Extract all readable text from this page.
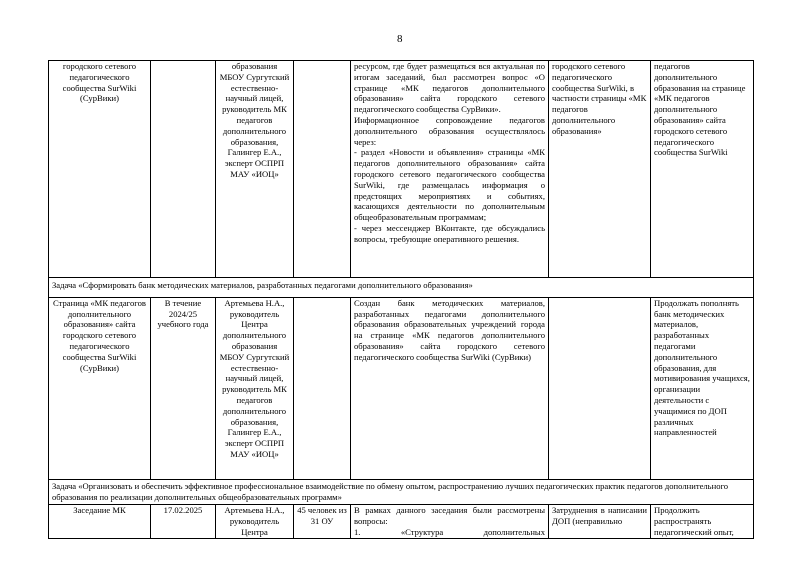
8
городского сетевого педагогического сообщества SurWiki (СурВики)		образования МБОУ Сургутский естественно-научный лицей, руководитель МК педагогов дополнительного образования, Галингер Е.А., эксперт ОСПРП МАУ «ИОЦ»		ресурсом, где будет размещаться вся актуальная по итогам заседаний, был рассмотрен вопрос «О странице «МК педагогов дополнительного образования» сайта городского сетевого педагогического сообщества СурВики».
Информационное сопровождение педагогов дополнительного образования осуществлялось через:
- раздел «Новости и объявления» страницы «МК педагогов дополнительного образования» сайта городского сетевого педагогического сообщества SurWiki, где размещалась информация о предстоящих мероприятиях и событиях, касающихся деятельности по дополнительным общеобразовательным программам;
- через мессенджер ВКонтакте, где обсуждались вопросы, требующие оперативного решения.	городского сетевого педагогического сообщества SurWiki, в частности страницы «МК педагогов дополнительного образования»	педагогов дополнительного образования на странице «МК педагогов дополнительного образования» сайта городского сетевого педагогического сообщества SurWiki
Задача «Сформировать банк методических материалов, разработанных педагогами дополнительного образования»						
Страница «МК педагогов дополнительного образования» сайта городского сетевого педагогического сообщества SurWiki (СурВики)	В течение 2024/25 учебного года	Артемьева Н.А., руководитель Центра дополнительного образования МБОУ Сургутский естественно-научный лицей, руководитель МК педагогов дополнительного образования, Галингер Е.А., эксперт ОСПРП МАУ «ИОЦ»		Создан банк методических материалов, разработанных педагогами дополнительного образования образовательных учреждений города на странице «МК педагогов дополнительного образования» сайта городского сетевого педагогического сообщества SurWiki (СурВики)		Продолжать пополнять банк методических материалов, разработанных педагогами дополнительного образования, для мотивирования учащихся, организации деятельности с учащимися по ДОП различных направленностей
Задача «Организовать и обеспечить эффективное профессиональное взаимодействие по обмену опытом, распространению лучших педагогических практик педагогов дополнительного образования по реализации дополнительных общеобразовательных программ»						
Заседание МК	17.02.2025	Артемьева Н.А., руководитель Центра	45 человек из 31 ОУ	В рамках данного заседания были рассмотрены вопросы:
1. «Структура дополнительных	Затруднения в написании ДОП (неправильно	Продолжить распространять педагогический опыт,
